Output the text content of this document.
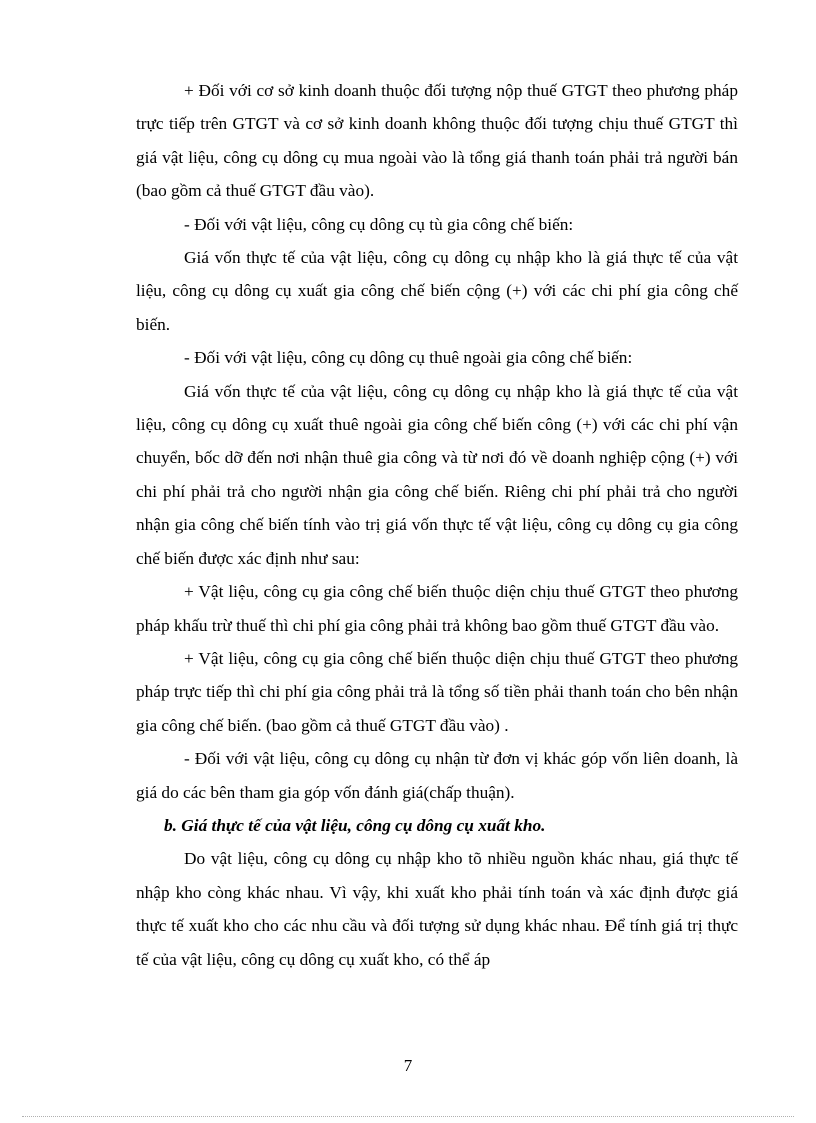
+ Đối với cơ sở kinh doanh thuộc đối tượng nộp thuế GTGT theo phương pháp trực tiếp trên GTGT và cơ sở kinh doanh không thuộc đối tượng chịu thuế GTGT thì giá vật liệu, công cụ dông cụ mua ngoài vào là tổng giá thanh toán phải trả người bán (bao gồm cả thuế GTGT đầu vào).

- Đối với vật liệu, công cụ dông cụ tù gia công chế biến:

Giá vốn thực tế của vật liệu, công cụ dông cụ nhập kho là giá thực tế của vật liệu, công cụ dông cụ xuất gia công chế biến cộng (+) với các chi phí gia công chế biến.

- Đối với vật liệu, công cụ dông cụ thuê ngoài gia công chế biến:

Giá vốn thực tế của vật liệu, công cụ dông cụ nhập kho là giá thực tế của vật liệu, công cụ dông cụ xuất thuê ngoài gia công chế biến công (+) với các chi phí vận chuyển, bốc dỡ đến nơi nhận thuê gia công và từ nơi đó về doanh nghiệp cộng (+) với chi phí phải trả cho người nhận gia công chế biến. Riêng chi phí phải trả cho người nhận gia công chế biến tính vào trị giá vốn thực tế vật liệu, công cụ dông cụ gia công chế biến được xác định như sau:

+ Vật liệu, công cụ gia công chế biến thuộc diện chịu thuế GTGT theo phương pháp khấu trừ thuế thì chi phí gia công phải trả không bao gồm thuế GTGT đầu vào.

+ Vật liệu, công cụ gia công chế biến thuộc diện chịu thuế GTGT theo phương pháp trực tiếp thì chi phí gia công phải trả là tổng số tiền phải thanh toán cho bên nhận gia công chế biến. (bao gồm cả thuế GTGT đầu vào) .

- Đối với vật liệu, công cụ dông cụ nhận từ đơn vị khác góp vốn liên doanh, là giá do các bên tham gia góp vốn đánh giá(chấp thuận).

b. Giá thực tế của vật liệu, công cụ dông cụ xuất kho.

Do vật liệu, công cụ dông cụ nhập kho tõ nhiều nguồn khác nhau, giá thực tế nhập kho còng khác nhau. Vì vậy, khi xuất kho phải tính toán và xác định được giá thực tế xuất kho cho các nhu cầu và đối tượng sử dụng khác nhau. Để tính giá trị thực tế của vật liệu, công cụ dông cụ xuất kho, có thể áp

7
